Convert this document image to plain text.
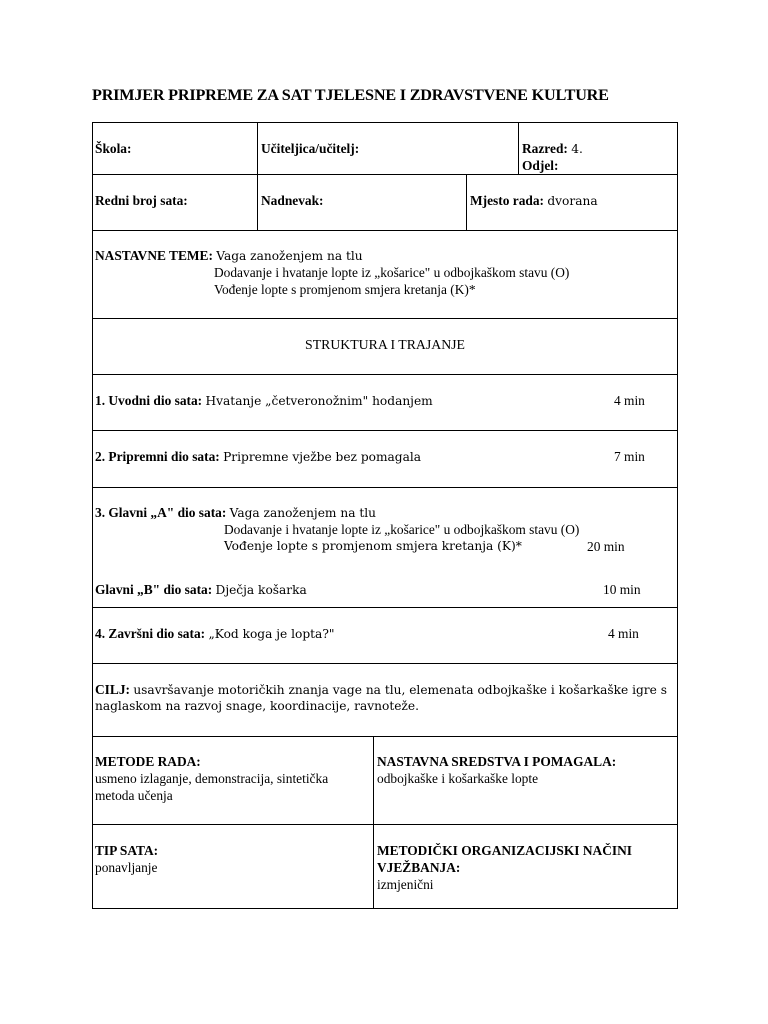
PRIMJER PRIPREME ZA SAT TJELESNE I ZDRAVSTVENE KULTURE
Škola:	Učiteljica/učitelj:	Razred: 4.
Odjel:
Redni broj sata:	Nadnevak:	Mjesto rada: dvorana
NASTAVNE TEME: Vaga zanoženjem na tlu
Dodavanje i hvatanje lopte iz „košarice" u odbojkaškom stavu (O)
Vođenje lopte s promjenom smjera kretanja (K)*
STRUKTURA I TRAJANJE
1. Uvodni dio sata: Hvatanje „četveronožnim" hodanjem	4 min
2. Pripremni dio sata: Pripremne vježbe bez pomagala	7 min
3. Glavni „A" dio sata: Vaga zanoženjem na tlu
Dodavanje i hvatanje lopte iz „košarice" u odbojkaškom stavu (O)
Vođenje lopte s promjenom smjera kretanja (K)*	20 min
Glavni „B" dio sata: Dječja košarka	10 min
4. Završni dio sata: „Kod koga je lopta?"	4 min
CILJ: usavršavanje motoričkih znanja vage na tlu, elemenata odbojkaške i košarkaške igre s
naglaskom na razvoj snage, koordinacije, ravnoteže.
METODE RADA:
usmeno izlaganje, demonstracija, sintetička
metoda učenja
NASTAVNA SREDSTVA I POMAGALA:
odbojkaške i košarkaške lopte
TIP SATA:
ponavljanje
METODIČKI ORGANIZACIJSKI NAČINI
VJEŽBANJA:
izmjenični
